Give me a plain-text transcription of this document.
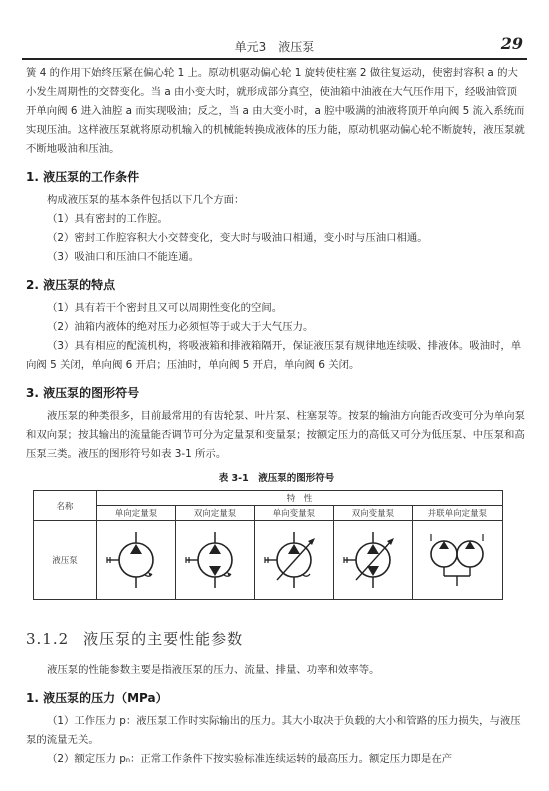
单元3　液压泵	29

簧 4 的作用下始终压紧在偏心轮 1 上。原动机驱动偏心轮 1 旋转使柱塞 2 做往复运动，使密封容积 a 的大小发生周期性的交替变化。当 a 由小变大时，就形成部分真空，使油箱中油液在大气压作用下，经吸油管顶开单向阀 6 进入油腔 a 而实现吸油；反之，当 a 由大变小时，a 腔中吸满的油液将顶开单向阀 5 流入系统而实现压油。这样液压泵就将原动机输入的机械能转换成液体的压力能，原动机驱动偏心轮不断旋转，液压泵就不断地吸油和压油。

1. 液压泵的工作条件

构成液压泵的基本条件包括以下几个方面：

（1）具有密封的工作腔。

（2）密封工作腔容积大小交替变化，变大时与吸油口相通，变小时与压油口相通。

（3）吸油口和压油口不能连通。

2. 液压泵的特点

（1）具有若干个密封且又可以周期性变化的空间。

（2）油箱内液体的绝对压力必须恒等于或大于大气压力。

（3）具有相应的配流机构，将吸液箱和排液箱隔开，保证液压泵有规律地连续吸、排液体。吸油时，单向阀 5 关闭，单向阀 6 开启；压油时，单向阀 5 开启，单向阀 6 关闭。

3. 液压泵的图形符号

液压泵的种类很多，目前最常用的有齿轮泵、叶片泵、柱塞泵等。按泵的输油方向能否改变可分为单向泵和双向泵；按其输出的流量能否调节可分为定量泵和变量泵；按额定压力的高低又可分为低压泵、中压泵和高压泵三类。液压的图形符号如表 3-1 所示。

表 3-1　液压泵的图形符号
名称	特　性				
	单向定量泵	双向定量泵	单向变量泵	双向变量泵	并联单向定量泵
液压泵	

3.1.2 液压泵的主要性能参数

液压泵的性能参数主要是指液压泵的压力、流量、排量、功率和效率等。

1. 液压泵的压力（MPa）

（1）工作压力 p：液压泵工作时实际输出的压力。其大小取决于负载的大小和管路的压力损失，与液压泵的流量无关。

（2）额定压力 pₙ：正常工作条件下按实验标准连续运转的最高压力。额定压力即是在产
